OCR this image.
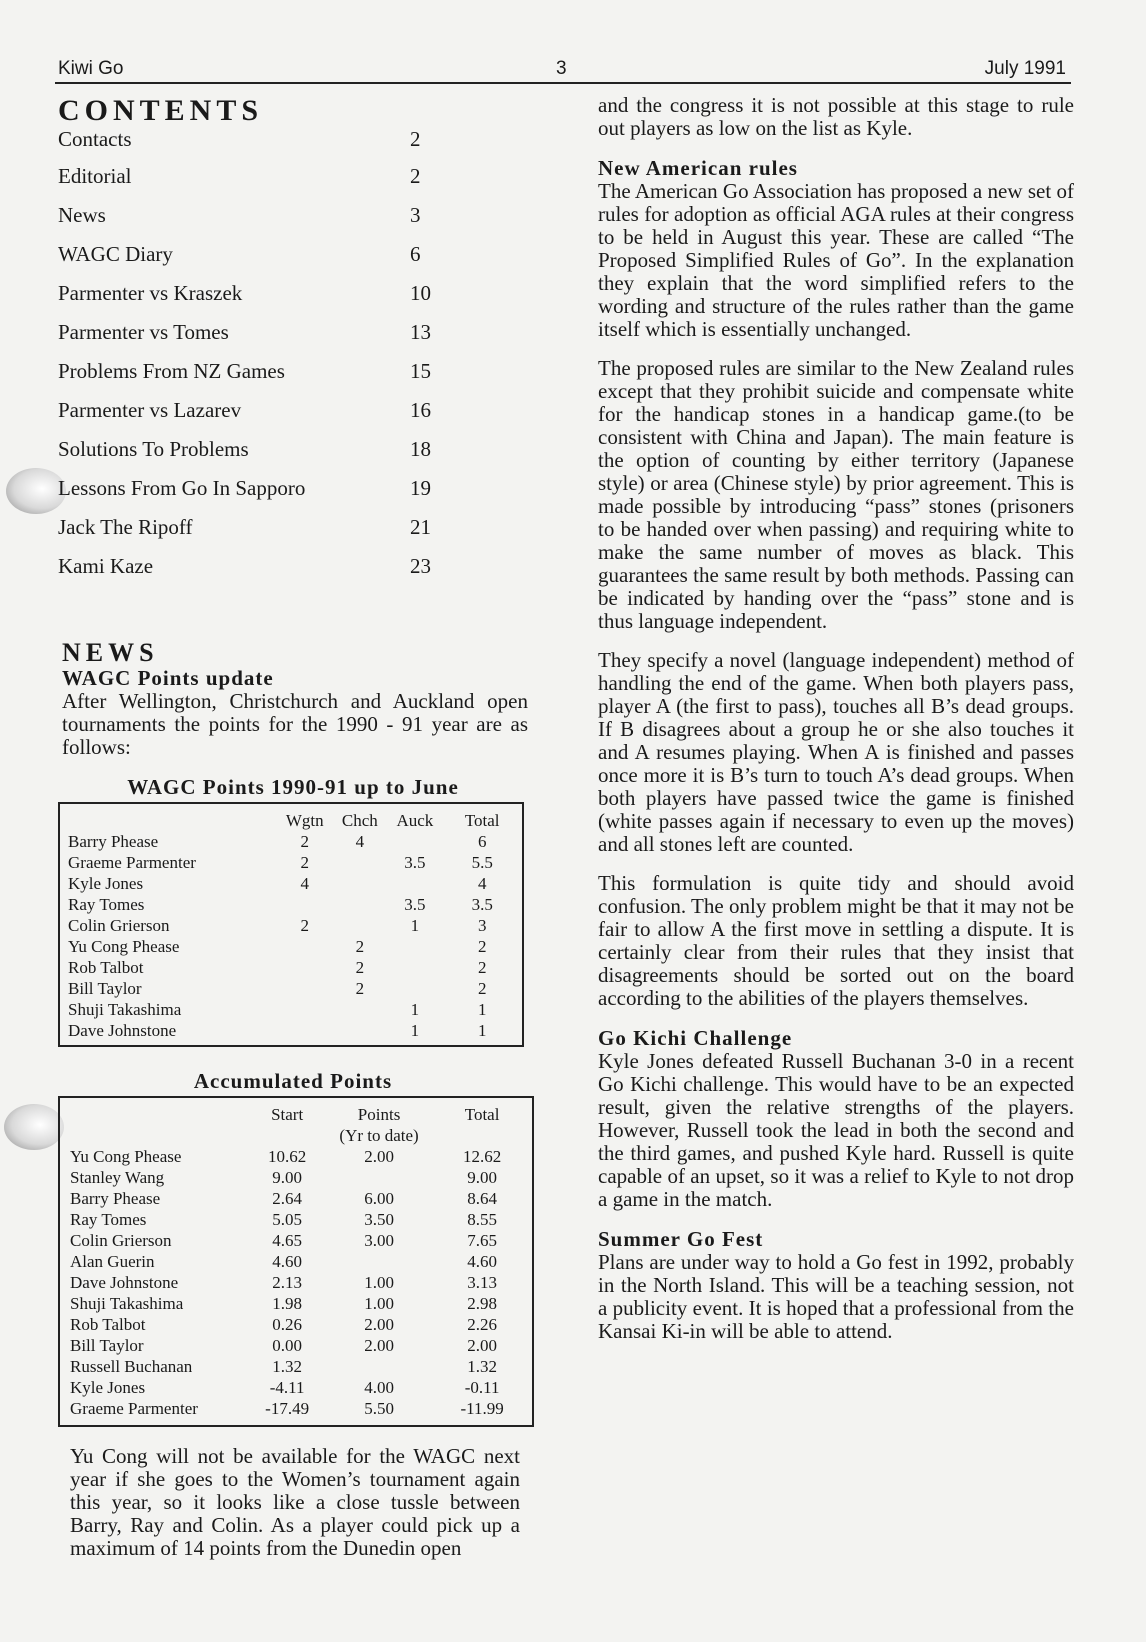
Kiwi Go	3	July 1991
CONTENTS
Contacts	2
Editorial	2
News	3
WAGC Diary	6
Parmenter vs Kraszek	10
Parmenter vs Tomes	13
Problems From NZ Games	15
Parmenter vs Lazarev	16
Solutions To Problems	18
Lessons From Go In Sapporo	19
Jack The Ripoff	21
Kami Kaze	23
NEWS
WAGC Points update

After Wellington, Christchurch and Auckland open tournaments the points for the 1990 - 91 year are as follows:

WAGC Points 1990-91 up to June
	Wgtn	Chch	Auck	Total
Barry Phease	2	4		6
Graeme Parmenter	2		3.5	5.5
Kyle Jones	4			4
Ray Tomes			3.5	3.5
Colin Grierson	2		1	3
Yu Cong Phease		2		2
Rob Talbot		2		2
Bill Taylor		2		2
Shuji Takashima			1	1
Dave Johnstone			1	1
Accumulated Points
	Start	Points	Total
		(Yr to date)	
Yu Cong Phease	10.62	2.00	12.62
Stanley Wang	9.00		9.00
Barry Phease	2.64	6.00	8.64
Ray Tomes	5.05	3.50	8.55
Colin Grierson	4.65	3.00	7.65
Alan Guerin	4.60		4.60
Dave Johnstone	2.13	1.00	3.13
Shuji Takashima	1.98	1.00	2.98
Rob Talbot	0.26	2.00	2.26
Bill Taylor	0.00	2.00	2.00
Russell Buchanan	1.32		1.32
Kyle Jones	-4.11	4.00	-0.11
Graeme Parmenter	-17.49	5.50	-11.99

Yu Cong will not be available for the WAGC next year if she goes to the Women’s tournament again this year, so it looks like a close tussle between Barry, Ray and Colin. As a player could pick up a maximum of 14 points from the Dunedin open

and the congress it is not possible at this stage to rule out players as low on the list as Kyle.

New American rules

The American Go Association has proposed a new set of rules for adoption as official AGA rules at their congress to be held in August this year. These are called “The Proposed Simplified Rules of Go”. In the explanation they explain that the word simplified refers to the wording and structure of the rules rather than the game itself which is essentially unchanged.

The proposed rules are similar to the New Zealand rules except that they prohibit suicide and compensate white for the handicap stones in a handicap game.(to be consistent with China and Japan). The main feature is the option of counting by either territory (Japanese style) or area (Chinese style) by prior agreement. This is made possible by introducing “pass” stones (prisoners to be handed over when passing) and requiring white to make the same number of moves as black. This guarantees the same result by both methods. Passing can be indicated by handing over the “pass” stone and is thus language independent.

They specify a novel (language independent) method of handling the end of the game. When both players pass, player A (the first to pass), touches all B’s dead groups. If B disagrees about a group he or she also touches it and A resumes playing. When A is finished and passes once more it is B’s turn to touch A’s dead groups. When both players have passed twice the game is finished (white passes again if necessary to even up the moves) and all stones left are counted.

This formulation is quite tidy and should avoid confusion. The only problem might be that it may not be fair to allow A the first move in settling a dispute. It is certainly clear from their rules that they insist that disagreements should be sorted out on the board according to the abilities of the players themselves.

Go Kichi Challenge

Kyle Jones defeated Russell Buchanan 3-0 in a recent Go Kichi challenge. This would have to be an expected result, given the relative strengths of the players. However, Russell took the lead in both the second and the third games, and pushed Kyle hard. Russell is quite capable of an upset, so it was a relief to Kyle to not drop a game in the match.

Summer Go Fest

Plans are under way to hold a Go fest in 1992, probably in the North Island. This will be a teaching session, not a publicity event. It is hoped that a professional from the Kansai Ki-in will be able to attend.
